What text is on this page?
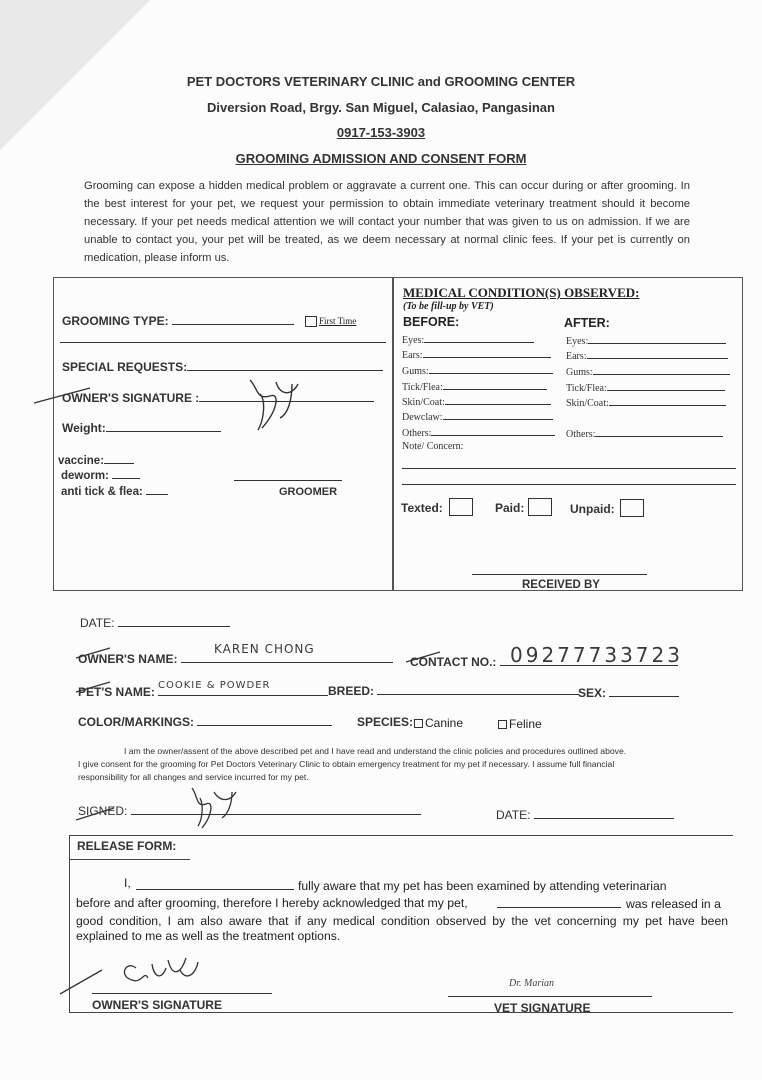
PET DOCTORS VETERINARY CLINIC and GROOMING CENTER
Diversion Road, Brgy. San Miguel, Calasiao, Pangasinan
0917-153-3903
GROOMING ADMISSION AND CONSENT FORM
Grooming can expose a hidden medical problem or aggravate a current one. This can occur during or after grooming. In the best interest for your pet, we request your permission to obtain immediate veterinary treatment should it become necessary. If your pet needs medical attention we will contact your number that was given to us on admission. If we are unable to contact you, your pet will be treated, as we deem necessary at normal clinic fees. If your pet is currently on medication, please inform us.
GROOMING TYPE:	First Time
SPECIAL REQUESTS:
OWNER'S SIGNATURE :
Weight:
vaccine:
deworm:
anti tick & flea:	GROOMER
MEDICAL CONDITION(S) OBSERVED:
(To be fill-up by VET)
BEFORE:	AFTER:
Eyes:
Ears:
Gums:
Tick/Flea:
Skin/Coat:
Dewclaw:
Others:
Eyes:
Ears:
Gums:
Tick/Flea:
Skin/Coat:
Others:
Note/ Concern:
Texted:	Paid:	Unpaid:
RECEIVED BY
DATE:
OWNER'S NAME:
KAREN CHONG
CONTACT NO.: 09277733723
PET'S NAME: COOKIE & POWDER	BREED:	SEX:
COLOR/MARKINGS:	SPECIES: Canine	Feline
I am the owner/assent of the above described pet and I have read and understand the clinic policies and procedures outlined above.
I give consent for the grooming for Pet Doctors Veterinary Clinic to obtain emergency treatment for my pet if necessary. I assume full financial
responsibility for all changes and service incurred for my pet.
SIGNED:	DATE:
RELEASE FORM:
I,	fully aware that my pet has been examined by attending veterinarian
before and after grooming, therefore I hereby acknowledged that my pet,	was released in a
good condition, I am also aware that if any medical condition observed by the vet concerning my pet have been explained to me as well as the treatment options.
OWNER'S SIGNATURE
Dr. Marian
VET SIGNATURE
